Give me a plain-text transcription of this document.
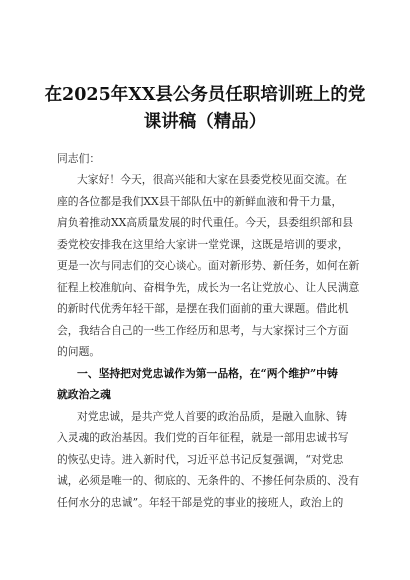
在2025年XX县公务员任职培训班上的党
课讲稿（精品）
同志们：
大家好！今天，很高兴能和大家在县委党校见面交流。在
座的各位都是我们XX县干部队伍中的新鲜血液和骨干力量，
肩负着推动XX高质量发展的时代重任。今天，县委组织部和县
委党校安排我在这里给大家讲一堂党课，这既是培训的要求，
更是一次与同志们的交心谈心。面对新形势、新任务，如何在新
征程上校准航向、奋楫争先，成长为一名让党放心、让人民满意
的新时代优秀年轻干部，是摆在我们面前的重大课题。借此机
会，我结合自己的一些工作经历和思考，与大家探讨三个方面
的问题。
一、坚持把对党忠诚作为第一品格，在“两个维护”中铸
就政治之魂
对党忠诚，是共产党人首要的政治品质，是融入血脉、铸
入灵魂的政治基因。我们党的百年征程，就是一部用忠诚书写
的恢弘史诗。进入新时代，习近平总书记反复强调，“对党忠
诚，必须是唯一的、彻底的、无条件的、不掺任何杂质的、没有
任何水分的忠诚”。年轻干部是党的事业的接班人，政治上的
